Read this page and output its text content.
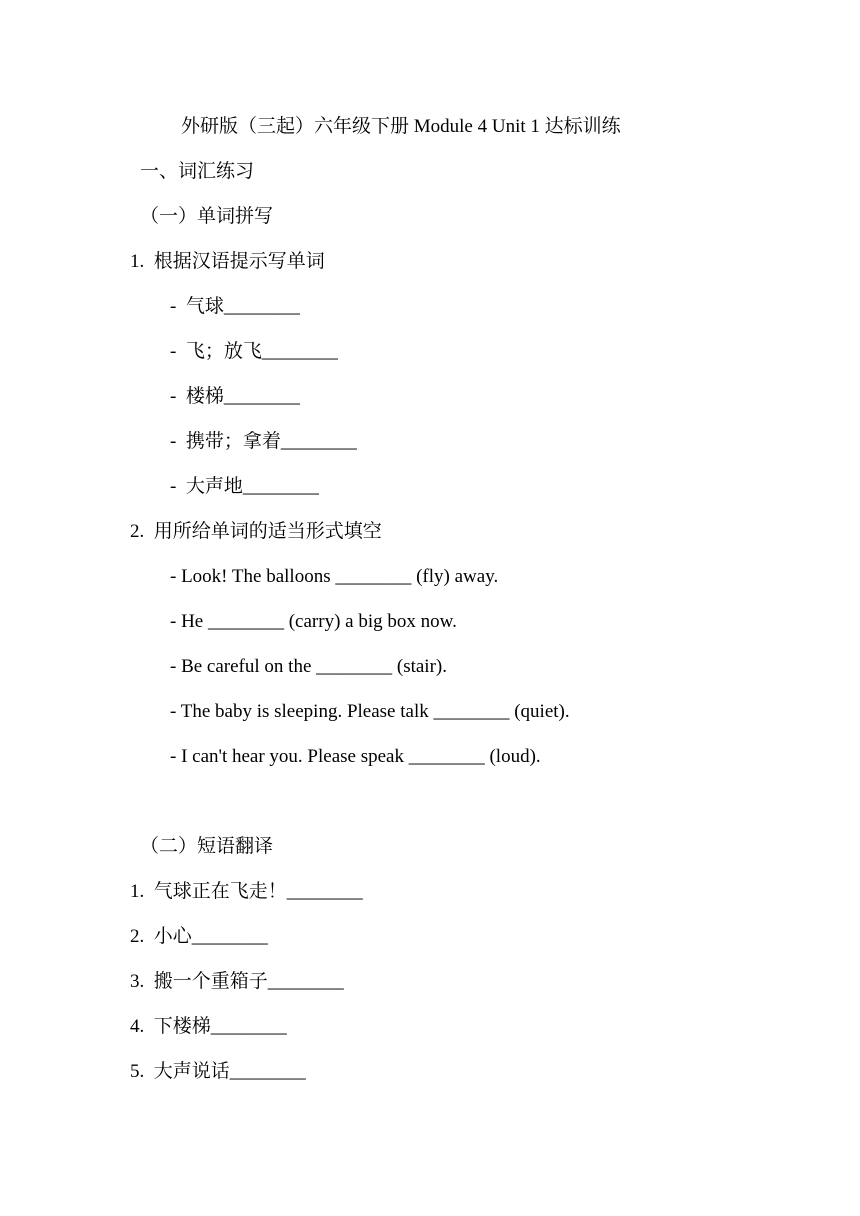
外研版（三起）六年级下册 Module 4 Unit 1 达标训练
一、词汇练习
（一）单词拼写
1.  根据汉语提示写单词
-  气球________
-  飞；放飞________
-  楼梯________
-  携带；拿着________
-  大声地________
2.  用所给单词的适当形式填空
- Look! The balloons ________ (fly) away.
- He ________ (carry) a big box now.
- Be careful on the ________ (stair).
- The baby is sleeping. Please talk ________ (quiet).
- I can't hear you. Please speak ________ (loud).
（二）短语翻译
1.  气球正在飞走！________
2.  小心________
3.  搬一个重箱子________
4.  下楼梯________
5.  大声说话________
